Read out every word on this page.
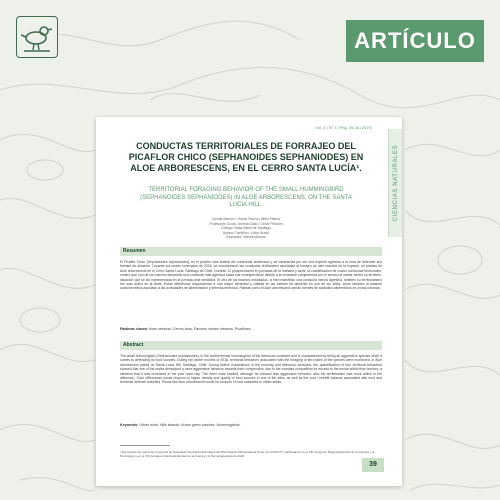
ARTÍCULO
Vol. 3 | N° 3 | Pag. 39-46 (2019)
CIENCIAS NATURALES
CONDUCTAS TERRITORIALES DE FORRAJEO DEL PICAFLOR CHICO (SEPHANOIDES SEPHANIODES) EN ALOE ARBORESCENS, EN EL CERRO SANTA LUCÍA¹.
TERRITORIAL FORAGING BEHAVIOR OF THE SMALL HUMMINGBIRD (SEPHANOIDES SEPHANIODES) IN ALOE ARBORESCENS, ON THE SANTA LUCIA HILL.
Camila Alarcón • Yumar Pauca • Ilseki Pitarón
Profesores Guías: Jimena Gallo • César Piñones
Colegio Santa María de Santiago
Asesor Científico: Víctor Bravo
Evaluador: Manuel Azócar
Resumen
El Picaflor Chico (Sephanoides sephaniodes), es el picaflor más austral del continente americano y se caracteriza por ser una especie agresiva a la hora de defender sus fuentes de alimento. Durante los meses invernales de 2018, se monitorearon las conductas territoriales asociadas al forrajeo de diez machos de la especie, en plantas de Aloe arborescens en el Cerro Santa Lucía, Santiago de Chile. Durante 12 prospecciones en jornadas de la mañana y tarde, la cuantificación de cuatro conductas territoriales, mostró que uno de los machos desarrolló una conducta más agresiva hacia sus conespecíficos debido a la constante competencia por el acceso al néctar dentro su territorio, situación que se vio incrementada en la jornada post mediodía. El otro de los machos estudiados, si bien manifestó una conducta menos agresiva, también su territorialismo fue más activo en la tarde. Estas diferencias responderían a una mayor densidad y calidad en las fuentes de alimento en uno de los sitios, como también al balance costo/beneficio asociado a las actividades de alimentación y defensa territorial. Plantas como el Aloe arborescens serían fuentes de subsidios alimenticios en zonas urbanas.
Palabras claves: Aves urbanas; Cerros islas; Parches verdes urbanos; Picaflores.
Abstract
The small hummingbird (Sephanoides sephaniodes), is the southernmost hummingbird of the American continent and is characterized by being an aggressive species when it comes to defending its food sources. During the winter months of 2018, territorial behaviors associated with the foraging of ten males of the species were monitored, in Aloe arborescens plants on Santa Lucia Hill, Santiago, Chile. During twelve explorations in the morning and afternoon sessions, the quantification of four territorial behaviors showed that one of the males developed a more aggressive behavior towards their conspecifics, due to the constant competition for access to the nectar within their territory, a situation that it was increased in the post noon day. The other male studied, although he showed less aggressive behavior, also his territorialism was more active in the afternoon. Such differences would respond to higher density and quality of food sources in one of the sites, as well as the cost / benefit balance associated with food and territorial defense activities. Plants like Aloe arborescens would be sources of food subsidies in urban areas.
Keywords: Urban birds; Hills islands; Urban green patches; Hummingbirds.
¹ El proyecto fue parte del programa de Pasantías Científicas Escolares del PAR Región Metropolitana Norte de CONICYT, participando en el XIII Congreso Regional Escolar de la Ciencia y la Tecnología y en el XIII Congreso Nacional Escolar de la Ciencia y la Tecnología Explora 2018.
39
